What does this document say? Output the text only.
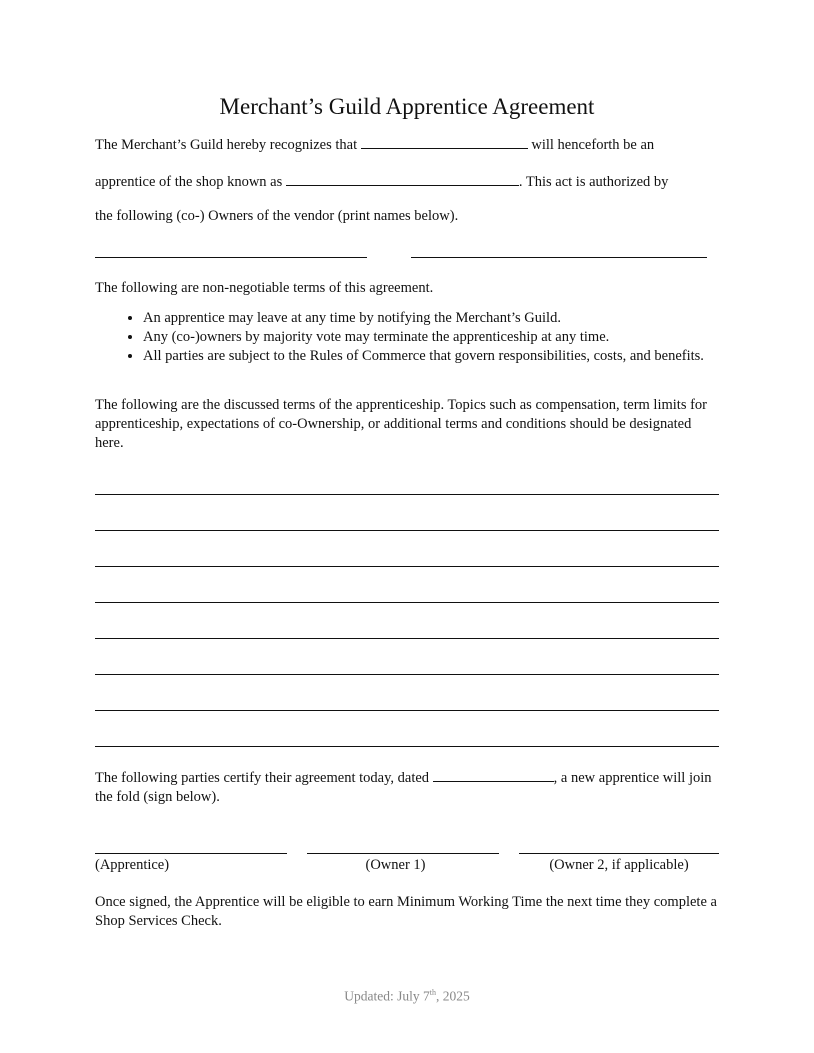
Merchant’s Guild Apprentice Agreement
The Merchant’s Guild hereby recognizes that	will henceforth be an
apprentice of the shop known as	. This act is authorized by
the following (co-) Owners of the vendor (print names below).
The following are non-negotiable terms of this agreement.
• An apprentice may leave at any time by notifying the Merchant’s Guild.
• Any (co-)owners by majority vote may terminate the apprenticeship at any time.
• All parties are subject to the Rules of Commerce that govern responsibilities, costs, and benefits.
The following are the discussed terms of the apprenticeship. Topics such as compensation, term limits for apprenticeship, expectations of co-Ownership, or additional terms and conditions should be designated here.
The following parties certify their agreement today, dated	, a new apprentice will join the fold (sign below).
(Apprentice)	(Owner 1)	(Owner 2, if applicable)
Once signed, the Apprentice will be eligible to earn Minimum Working Time the next time they complete a Shop Services Check.
Updated: July 7th, 2025
